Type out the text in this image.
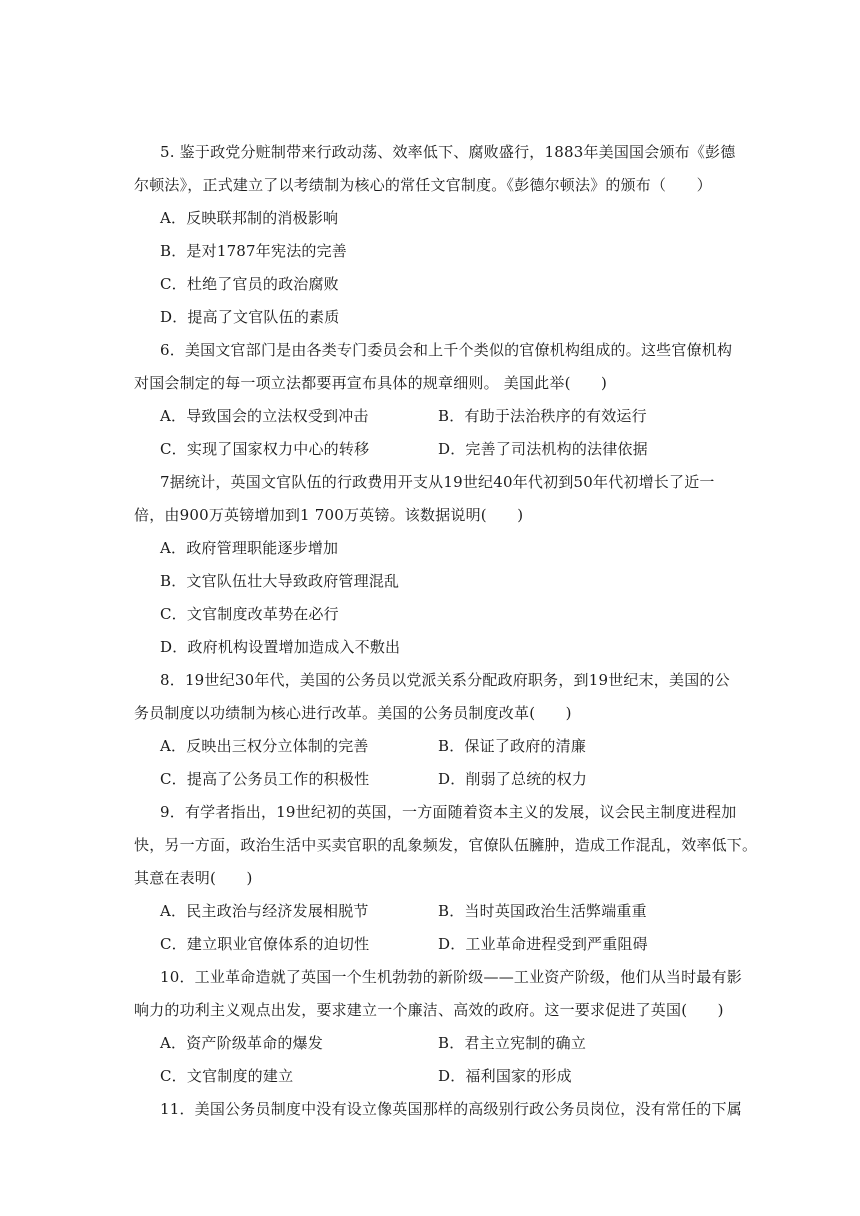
5. 鉴于政党分赃制带来行政动荡、效率低下、腐败盛行，1883年美国国会颁布《彭德
尔顿法》，正式建立了以考绩制为核心的常任文官制度。《彭德尔顿法》的颁布（　　）
A．反映联邦制的消极影响
B．是对1787年宪法的完善
C．杜绝了官员的政治腐败
D．提高了文官队伍的素质
6．美国文官部门是由各类专门委员会和上千个类似的官僚机构组成的。这些官僚机构
对国会制定的每一项立法都要再宣布具体的规章细则。 美国此举(　　)
A．导致国会的立法权受到冲击	B．有助于法治秩序的有效运行
C．实现了国家权力中心的转移	D．完善了司法机构的法律依据
7据统计，英国文官队伍的行政费用开支从19世纪40年代初到50年代初增长了近一
倍，由900万英镑增加到1 700万英镑。该数据说明(　　)
A．政府管理职能逐步增加
B．文官队伍壮大导致政府管理混乱
C．文官制度改革势在必行
D．政府机构设置增加造成入不敷出
8．19世纪30年代，美国的公务员以党派关系分配政府职务，到19世纪末，美国的公
务员制度以功绩制为核心进行改革。美国的公务员制度改革(　　)
A．反映出三权分立体制的完善	B．保证了政府的清廉
C．提高了公务员工作的积极性	D．削弱了总统的权力
9．有学者指出，19世纪初的英国，一方面随着资本主义的发展，议会民主制度进程加
快，另一方面，政治生活中买卖官职的乱象频发，官僚队伍臃肿，造成工作混乱，效率低下。
其意在表明(　　)
A．民主政治与经济发展相脱节	B．当时英国政治生活弊端重重
C．建立职业官僚体系的迫切性	D．工业革命进程受到严重阻碍
10．工业革命造就了英国一个生机勃勃的新阶级——工业资产阶级，他们从当时最有影
响力的功利主义观点出发，要求建立一个廉洁、高效的政府。这一要求促进了英国(　　)
A．资产阶级革命的爆发	B．君主立宪制的确立
C．文官制度的建立	D．福利国家的形成
11．美国公务员制度中没有设立像英国那样的高级别行政公务员岗位，没有常任的下属
